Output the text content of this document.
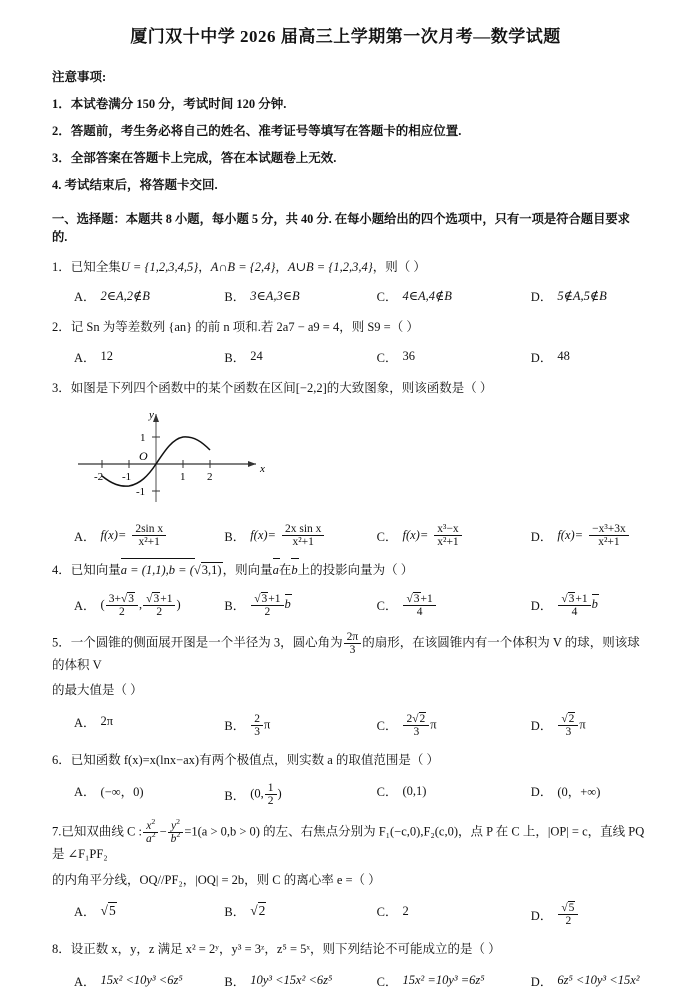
厦门双十中学 2026 届高三上学期第一次月考—数学试题
注意事项:
1．本试卷满分 150 分，考试时间 120 分钟.
2．答题前，考生务必将自己的姓名、准考证号等填写在答题卡的相应位置.
3．全部答案在答题卡上完成，答在本试题卷上无效.
4. 考试结束后，将答题卡交回.
一、选择题：本题共 8 小题，每小题 5 分，共 40 分. 在每小题给出的四个选项中，只有一项是符合题目要求的.
1．已知全集U = {1,2,3,4,5}，A∩B = {2,4}，A∪B = {1,2,3,4}，则（ ）
A． 2∈A,2∉B	B． 3∈A,3∈B	C． 4∈A,4∉B	D． 5∉A,5∉B
2．记 Sn 为等差数列 {an} 的前 n 项和.若 2a7 − a9 = 4，则 S9 =（ ）
A． 12	B． 24	C． 36	D． 48
3．如图是下列四个函数中的某个函数在区间[−2,2]的大致图象，则该函数是（ ）
x
y
O
-2 -1	1 2
1
-1
A． $f(x)= \frac{\text{2sin x}}{\text{x²+1}}$	B． $f(x)= \frac{\text{2x sin x}}{\text{x²+1}}$	C． $f(x)= \frac{\text{x³−x}}{\text{x²+1}}$	D． $f(x)= \frac{\text{−x³+3x}}{\text{x²+1}}$
4．已知向量a = (1,1),b = (√3,1)，则向量a在b上的投影向量为（ ）
A． ( $\frac{3+√3}{2}$ , $\frac{√3+1}{2}$ )	B． $\frac{√3+1}{2}$ b	C． $\frac{√3+1}{4}$	D． $\frac{√3+1}{4}$ b
5．一个圆锥的侧面展开图是一个半径为 3，圆心角为 $\frac{2\pi}{3}$ 的扇形，在该圆锥内有一个体积为 V 的球，则该球的体积 V
的最大值是（ ）
A． 2π	B． $\frac{2}{3}$ π	C． $\frac{2√2}{3}$ π	D． $\frac{√2}{3}$ π
6．已知函数 f(x)=x(lnx−ax)有两个极值点，则实数 a 的取值范围是（ ）
A． (−∞，0)	B． (0, $\frac{1}{2}$ )	C． (0,1)	D． (0，+∞)
7.已知双曲线 C : $\frac{x^2}{a^2} - \frac{y^2}{b^2} =1(a > 0,b > 0)$ 的左、右焦点分别为 F₁(−c,0),F₂(c,0)，点 P 在 C 上，|OP| = c，直线 PQ是 ∠F₁PF₂
的内角平分线，OQ//PF₂，|OQ| = 2b，则 C 的离心率 e =（ ）
A． √5	B． √2	C． 2	D． $\frac{√5}{2}$
8．设正数 x，y，z 满足 x² = 2ʸ，y³ = 3ᶻ，z⁵ = 5ˣ，则下列结论不可能成立的是（ ）
A． 15x² <10y³ <6z⁵	B． 10y³ <15x² <6z⁵	C． 15x² =10y³ =6z⁵	D． 6z⁵ <10y³ <15x²
